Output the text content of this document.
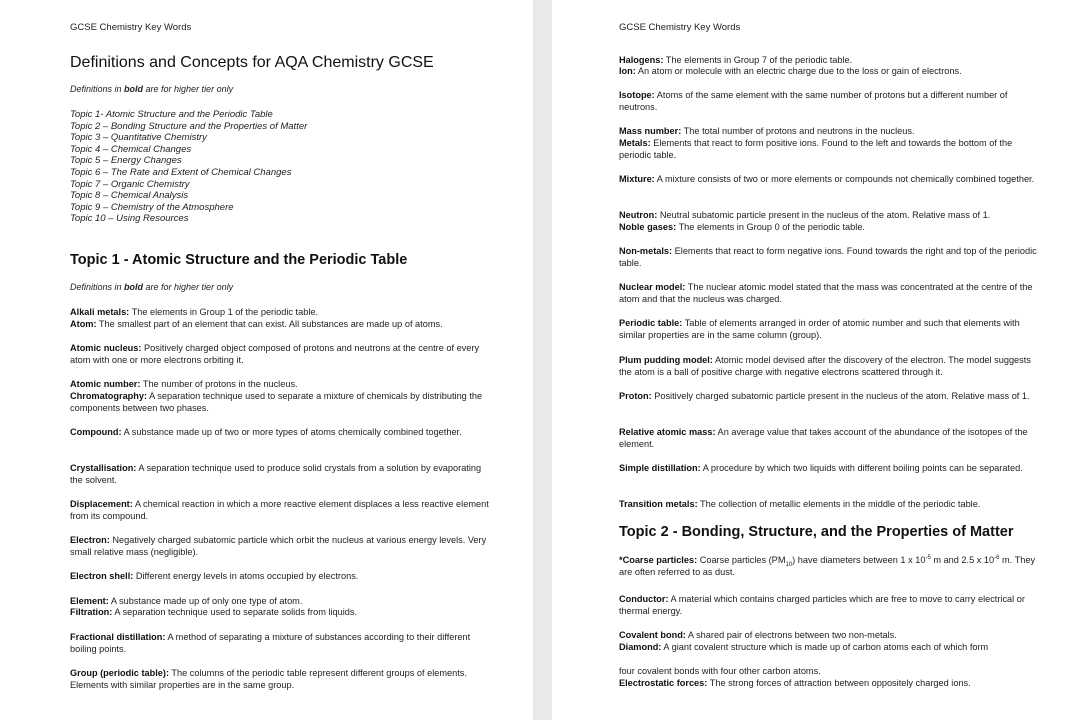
GCSE Chemistry Key Words
Definitions and Concepts for AQA Chemistry GCSE
Definitions in bold are for higher tier only
Topic 1- Atomic Structure and the Periodic Table
Topic 2 – Bonding Structure and the Properties of Matter
Topic 3 – Quantitative Chemistry
Topic 4 – Chemical Changes
Topic 5 – Energy Changes
Topic 6 – The Rate and Extent of Chemical Changes
Topic 7 – Organic Chemistry
Topic 8 – Chemical Analysis
Topic 9 – Chemistry of the Atmosphere
Topic 10 – Using Resources
Topic 1 - Atomic Structure and the Periodic Table
Definitions in bold are for higher tier only

Alkali metals: The elements in Group 1 of the periodic table.

Atom: The smallest part of an element that can exist. All substances are made up of atoms.

Atomic nucleus: Positively charged object composed of protons and neutrons at the centre of every atom with one or more electrons orbiting it.

Atomic number: The number of protons in the nucleus.

Chromatography: A separation technique used to separate a mixture of chemicals by distributing the components between two phases.

Compound: A substance made up of two or more types of atoms chemically combined together.

Crystallisation: A separation technique used to produce solid crystals from a solution by evaporating the solvent.

Displacement: A chemical reaction in which a more reactive element displaces a less reactive element from its compound.

Electron: Negatively charged subatomic particle which orbit the nucleus at various energy levels. Very small relative mass (negligible).

Electron shell: Different energy levels in atoms occupied by electrons.

Element: A substance made up of only one type of atom.

Filtration: A separation technique used to separate solids from liquids.

Fractional distillation: A method of separating a mixture of substances according to their different boiling points.

Group (periodic table): The columns of the periodic table represent different groups of elements. Elements with similar properties are in the same group.

GCSE Chemistry Key Words

Halogens: The elements in Group 7 of the periodic table.

Ion: An atom or molecule with an electric charge due to the loss or gain of electrons.

Isotope: Atoms of the same element with the same number of protons but a different number of neutrons.

Mass number: The total number of protons and neutrons in the nucleus.

Metals: Elements that react to form positive ions. Found to the left and towards the bottom of the periodic table.

Mixture: A mixture consists of two or more elements or compounds not chemically combined together.

Neutron: Neutral subatomic particle present in the nucleus of the atom. Relative mass of 1.

Noble gases: The elements in Group 0 of the periodic table.

Non-metals: Elements that react to form negative ions. Found towards the right and top of the periodic table.

Nuclear model: The nuclear atomic model stated that the mass was concentrated at the centre of the atom and that the nucleus was charged.

Periodic table: Table of elements arranged in order of atomic number and such that elements with similar properties are in the same column (group).

Plum pudding model: Atomic model devised after the discovery of the electron. The model suggests the atom is a ball of positive charge with negative electrons scattered through it.

Proton: Positively charged subatomic particle present in the nucleus of the atom. Relative mass of 1.

Relative atomic mass: An average value that takes account of the abundance of the isotopes of the element.

Simple distillation: A procedure by which two liquids with different boiling points can be separated.

Transition metals: The collection of metallic elements in the middle of the periodic table.

Topic 2 - Bonding, Structure, and the Properties of Matter

*Coarse particles: Coarse particles $(PM_{10})$ have diameters between 1 x $10^{-5}$ m and 2.5 x $10^{-6}$ m. They are often referred to as dust.

Conductor: A material which contains charged particles which are free to move to carry electrical or thermal energy.

Covalent bond: A shared pair of electrons between two non-metals.

Diamond: A giant covalent structure which is made up of carbon atoms each of which form

four covalent bonds with four other carbon atoms.

Electrostatic forces: The strong forces of attraction between oppositely charged ions.
